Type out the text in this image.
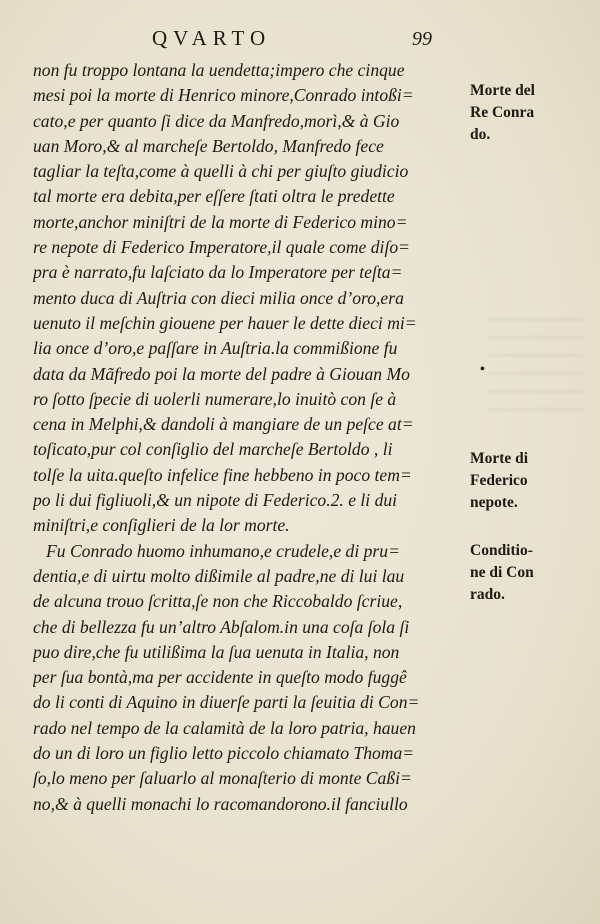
QVARTO	99
non fu troppo lontana la uendetta;impero che cinque
mesi poi la morte di Henrico minore,Conrado intoßi=
cato,e per quanto ſi dice da Manfredo,morì,& à Gio
uan Moro,& al marcheſe Bertoldo, Manfredo fece
tagliar la teſta,come à quelli à chi per giuſto giudicio
tal morte era debita,per eſſere ſtati oltra le predette
morte,anchor miniſtri de la morte di Federico mino=
re nepote di Federico Imperatore,il quale come diſo=
pra è narrato,fu laſciato da lo Imperatore per teſta=
mento duca di Auſtria con dieci milia once d’oro,era
uenuto il meſchin giouene per hauer le dette dieci mi=
lia once d’oro,e paſſare in Auſtria.la commißione fu
data da Mãfredo poi la morte del padre à Giouan Mo
ro ſotto ſpecie di uolerli numerare,lo inuitò con ſe à
cena in Melphi,& dandoli à mangiare de un peſce at=
toſicato,pur col conſiglio del marcheſe Bertoldo , li
tolſe la uita.queſto infelice fine hebbeno in poco tem=
po li dui figliuoli,& un nipote di Federico.2. e li dui
miniſtri,e conſiglieri de la lor morte.
Fu Conrado huomo inhumano,e crudele,e di pru=
dentia,e di uirtu molto dißimile al padre,ne di lui lau
de alcuna trouo ſcritta,ſe non che Riccobaldo ſcriue,
che di bellezza fu un’altro Abſalom.in una coſa ſola ſi
puo dire,che fu utilißima la ſua uenuta in Italia, non
per ſua bontà,ma per accidente in queſto modo fuggê
do li conti di Aquino in diuerſe parti la ſeuitia di Con=
rado nel tempo de la calamità de la loro patria, hauen
do un di loro un figlio letto piccolo chiamato Thoma=
ſo,lo meno per ſaluarlo al monaſterio di monte Caßi=
no,& à quelli monachi lo racomandorono.il fanciullo
•
Morte del
Re Conra
do.
Morte di
Federico
nepote.
Conditio-
ne di Con
rado.
